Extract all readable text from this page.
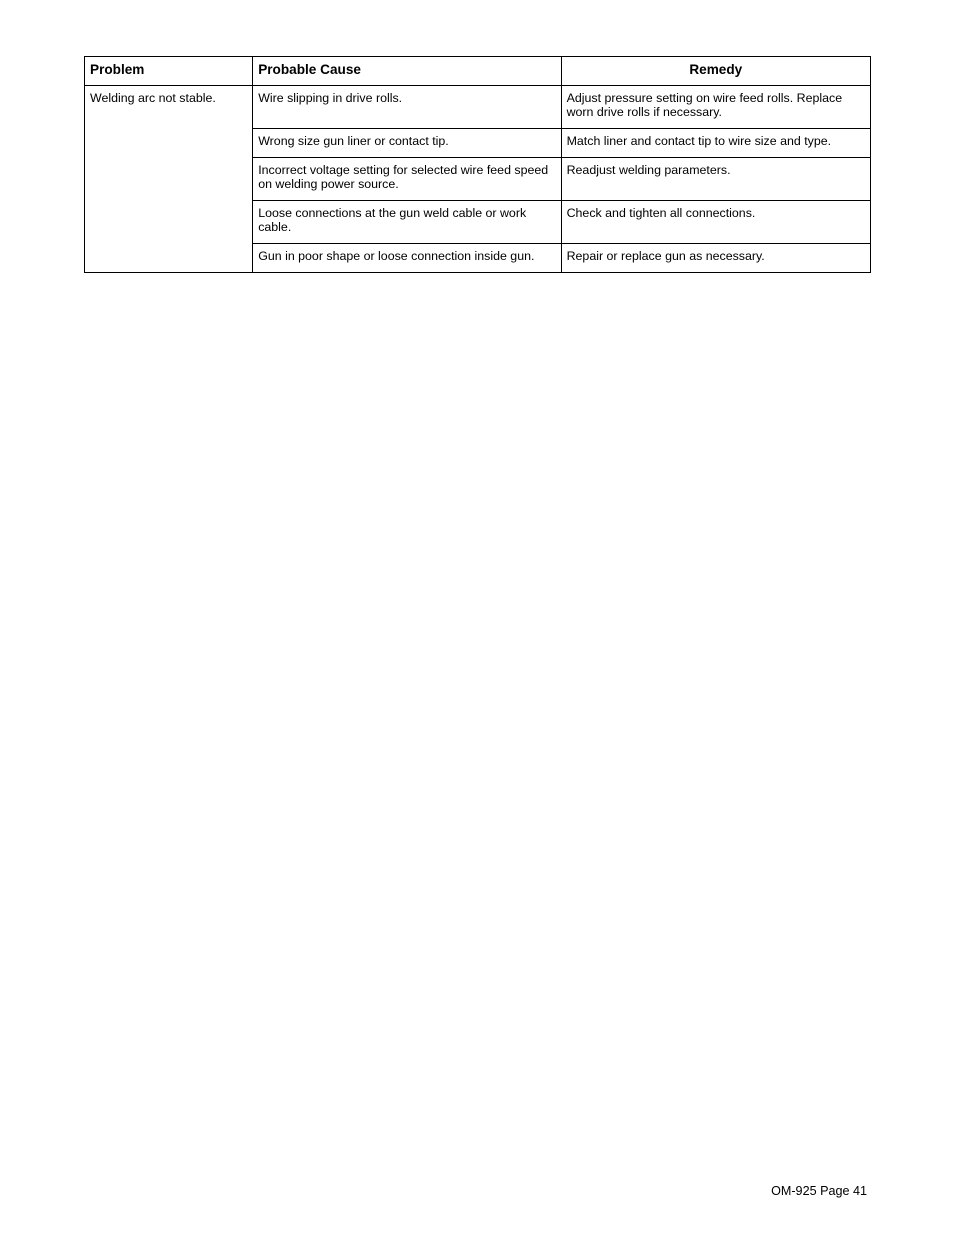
Problem	Probable Cause	Remedy
Welding arc not stable.	Wire slipping in drive rolls.	Adjust pressure setting on wire feed rolls. Replace worn drive rolls if necessary.
	Wrong size gun liner or contact tip.	Match liner and contact tip to wire size and type.
	Incorrect voltage setting for selected wire feed speed on welding power source.	Readjust welding parameters.
	Loose connections at the gun weld cable or work cable.	Check and tighten all connections.
	Gun in poor shape or loose connection inside gun.	Repair or replace gun as necessary.
OM-925 Page 41
